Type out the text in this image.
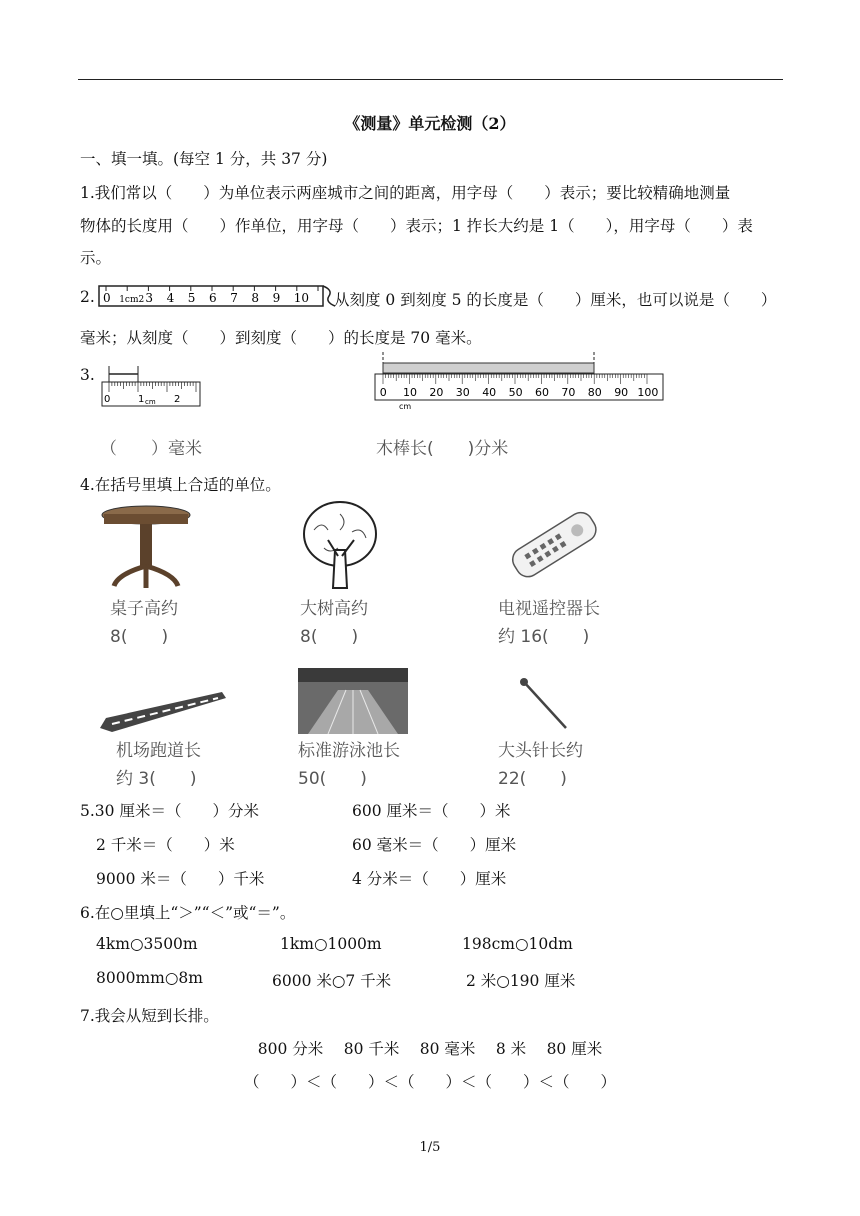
《测量》单元检测（2）
一、填一填。(每空 1 分，共 37 分)
1.我们常以（　　）为单位表示两座城市之间的距离，用字母（　　）表示；要比较精确地测量
物体的长度用（　　）作单位，用字母（　　）表示；1 拃长大约是 1（　　），用字母（　　）表
示。
2. 0 1cm2 3 4 5 6 7 8 9 10 从刻度 0 到刻度 5 的长度是（　　）厘米，也可以说是（　　）
毫米；从刻度（　　）到刻度（　　）的长度是 70 毫米。
3.
0	1 cm 2
（　　）毫米
0 10 20 30 40 50 60 70 80 90 100
cm
木棒长(　　)分米
4.在括号里填上合适的单位。
桌子高约
8(　　)
大树高约
8(　　)
电视遥控器长
约 16(　　)
机场跑道长
约 3(　　)
标准游泳池长
50(　　)
大头针长约
22(　　)
5.30 厘米＝（　　）分米	600 厘米＝（　　）米
2 千米＝（　　）米	60 毫米＝（　　）厘米
9000 米＝（　　）千米	4 分米＝（　　）厘米
6.在○里填上“＞”“＜”或“＝”。
4km○3500m	1km○1000m	198cm○10dm
8000mm○8m	6000 米○7 千米	2 米○190 厘米
7.我会从短到长排。
800 分米　 80 千米　 80 毫米　 8 米　 80 厘米
（　　）＜（　　）＜（　　）＜（　　）＜（　　）
1/5
